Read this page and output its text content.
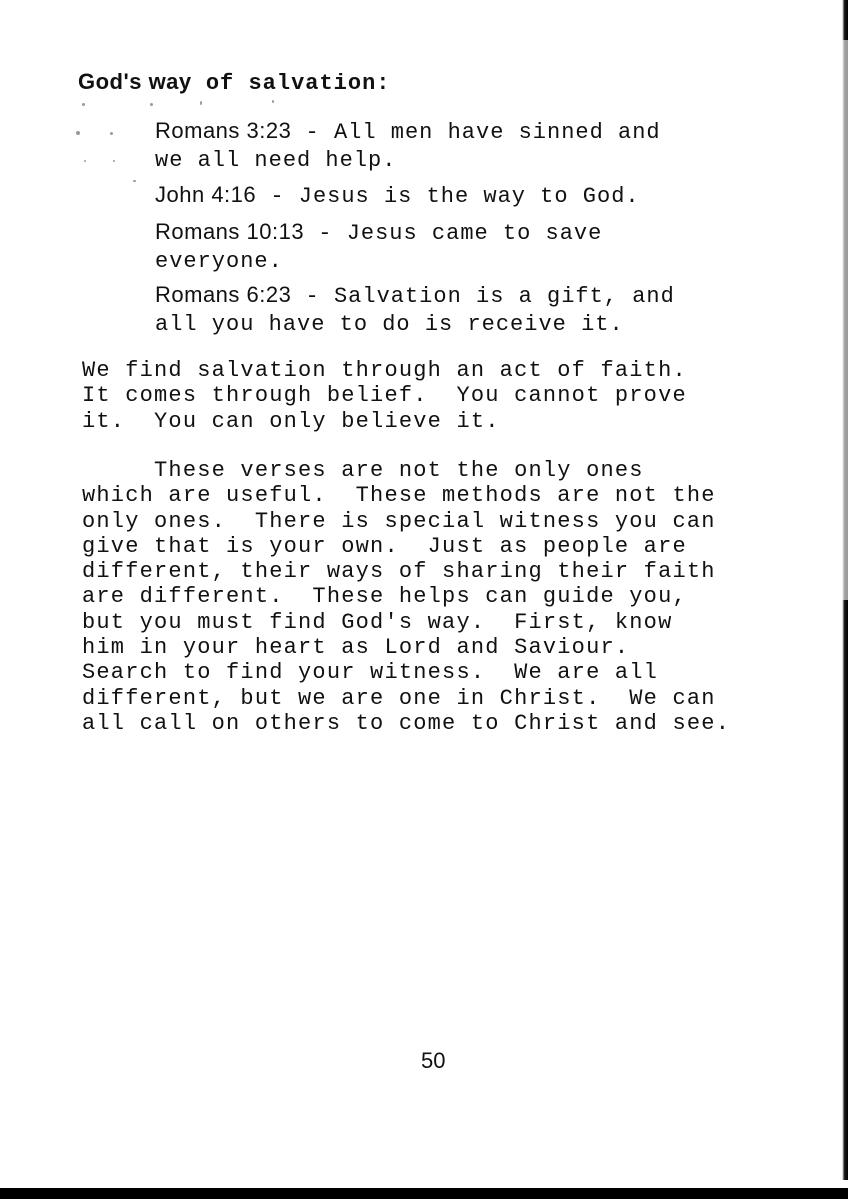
God's way of salvation:
Romans 3:23 - All men have sinned and
we all need help.
John 4:16 - Jesus is the way to God.
Romans 10:13 - Jesus came to save
everyone.
Romans 6:23 - Salvation is a gift, and
all you have to do is receive it.
We find salvation through an act of faith.
It comes through belief.  You cannot prove
it.  You can only believe it.
These verses are not the only ones
which are useful.  These methods are not the
only ones.  There is special witness you can
give that is your own.  Just as people are
different, their ways of sharing their faith
are different.  These helps can guide you,
but you must find God's way.  First, know
him in your heart as Lord and Saviour.
Search to find your witness.  We are all
different, but we are one in Christ.  We can
all call on others to come to Christ and see.

50
